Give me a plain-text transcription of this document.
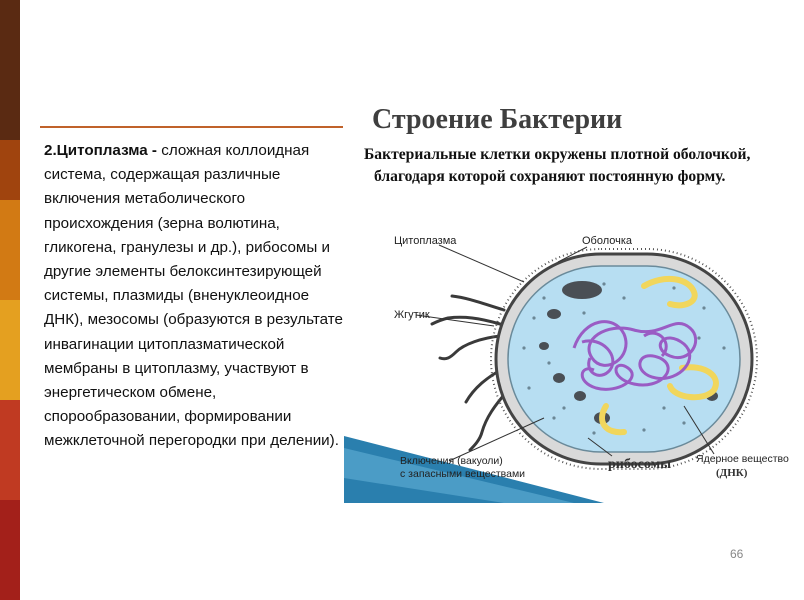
2.Цитоплазма - сложная коллоидная система, содержащая различные включения метаболического происхождения (зерна волютина, гликогена, гранулезы и др.), рибосомы и другие элементы белоксинтезирующей системы, плазмиды (вненуклеоидное ДНК), мезосомы (образуются в результате инвагинации цитоплазматической мембраны в цитоплазму, участвуют в энергетическом обмене, спорообразовании, формировании межклеточной перегородки при делении).
Строение Бактерии
Бактериальные клетки окружены плотной оболочкой,
благодаря которой сохраняют постоянную форму.
Цитоплазма	Оболочка
Жгутик
Включения (вакуоли)
с запасными веществами
рибосомы Ядерное вещество
(ДНК)
66
